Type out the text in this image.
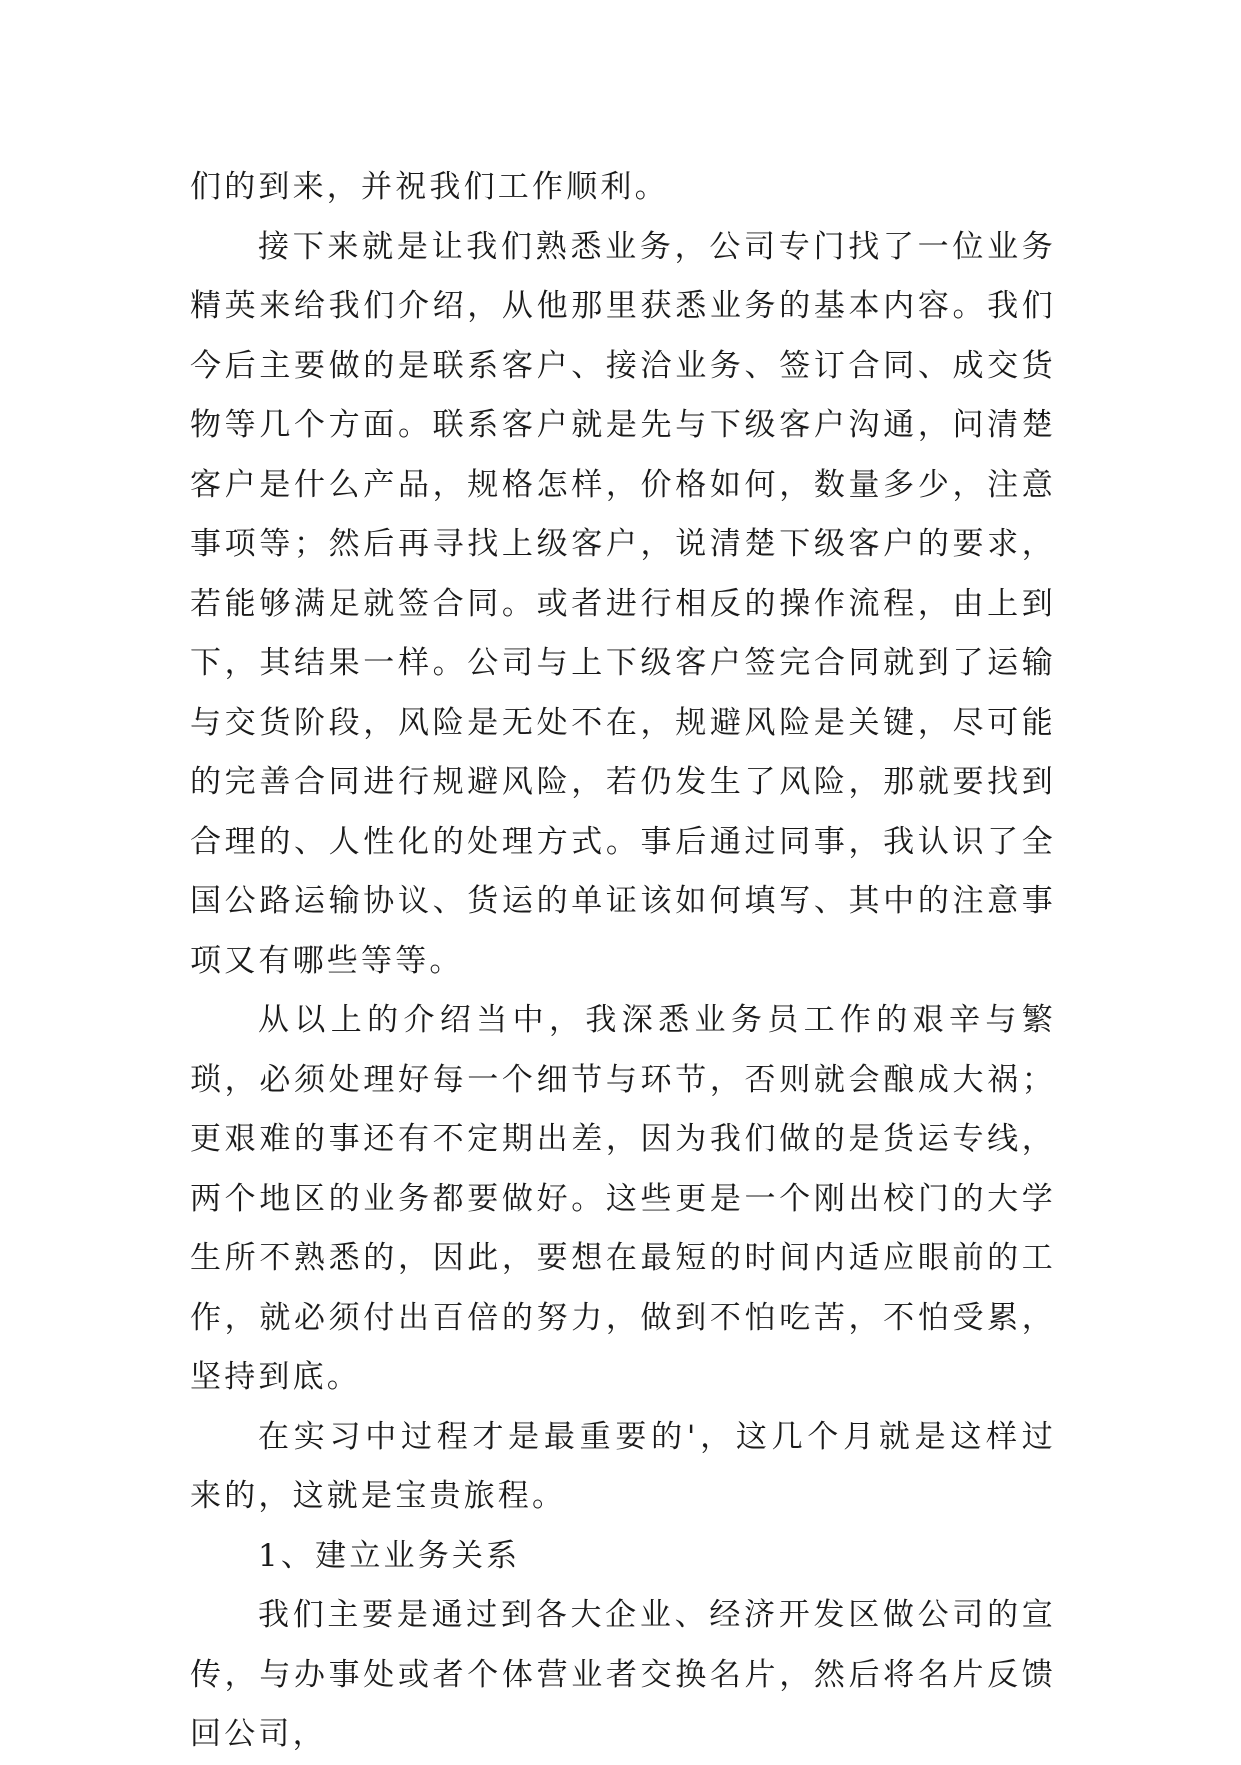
们的到来，并祝我们工作顺利。

接下来就是让我们熟悉业务，公司专门找了一位业务精英来给我们介绍，从他那里获悉业务的基本内容。我们今后主要做的是联系客户、接洽业务、签订合同、成交货物等几个方面。联系客户就是先与下级客户沟通，问清楚客户是什么产品，规格怎样，价格如何，数量多少，注意事项等；然后再寻找上级客户，说清楚下级客户的要求，若能够满足就签合同。或者进行相反的操作流程，由上到下，其结果一样。公司与上下级客户签完合同就到了运输与交货阶段，风险是无处不在，规避风险是关键，尽可能的完善合同进行规避风险，若仍发生了风险，那就要找到合理的、人性化的处理方式。事后通过同事，我认识了全国公路运输协议、货运的单证该如何填写、其中的注意事项又有哪些等等。

从以上的介绍当中，我深悉业务员工作的艰辛与繁琐，必须处理好每一个细节与环节，否则就会酿成大祸；更艰难的事还有不定期出差，因为我们做的是货运专线，两个地区的业务都要做好。这些更是一个刚出校门的大学生所不熟悉的，因此，要想在最短的时间内适应眼前的工作，就必须付出百倍的努力，做到不怕吃苦，不怕受累，坚持到底。

在实习中过程才是最重要的'，这几个月就是这样过来的，这就是宝贵旅程。

1、建立业务关系

我们主要是通过到各大企业、经济开发区做公司的宣传，与办事处或者个体营业者交换名片，然后将名片反馈回公司，
